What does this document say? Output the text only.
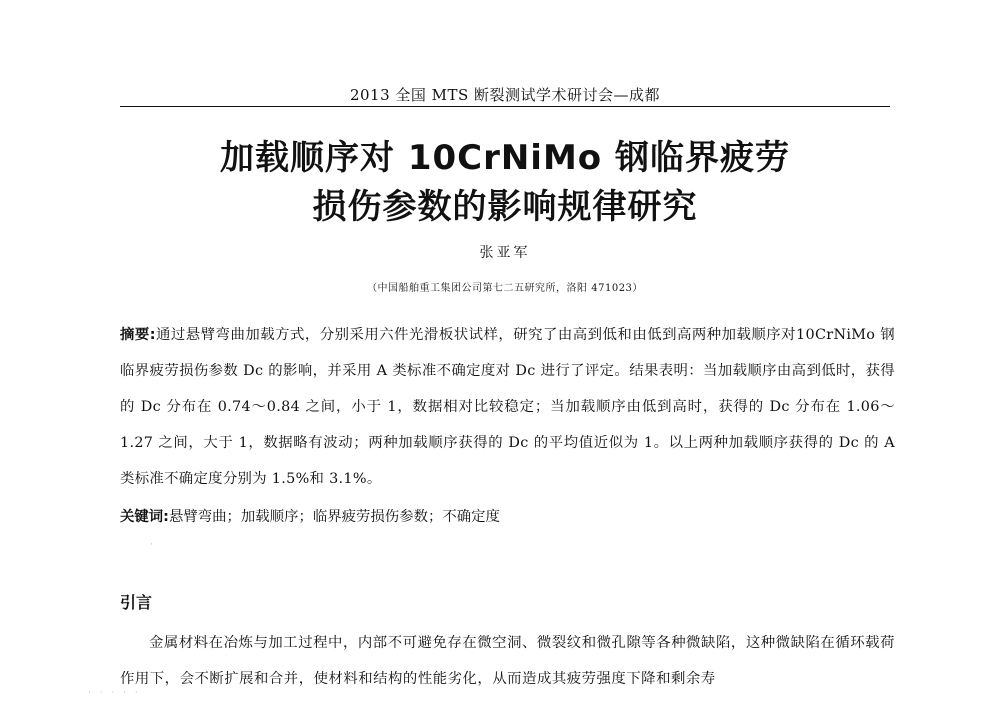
2013 全国 MTS 断裂测试学术研讨会—成都
加载顺序对 10CrNiMo 钢临界疲劳
损伤参数的影响规律研究
张亚军
（中国船舶重工集团公司第七二五研究所，洛阳 471023）
摘要:通过悬臂弯曲加载方式，分别采用六件光滑板状试样，研究了由高到低和由低到高两种加载顺序对10CrNiMo 钢临界疲劳损伤参数 Dc 的影响，并采用 A 类标准不确定度对 Dc 进行了评定。结果表明：当加载顺序由高到低时，获得的 Dc 分布在 0.74～0.84 之间，小于 1，数据相对比较稳定；当加载顺序由低到高时，获得的 Dc 分布在 1.06～1.27 之间，大于 1，数据略有波动；两种加载顺序获得的 Dc 的平均值近似为 1。以上两种加载顺序获得的 Dc 的 A 类标准不确定度分别为 1.5%和 3.1%。
关键词:悬臂弯曲；加载顺序；临界疲劳损伤参数；不确定度
引言
金属材料在冶炼与加工过程中，内部不可避免存在微空洞、微裂纹和微孔隙等各种微缺陷，这种微缺陷在循环载荷作用下，会不断扩展和合并，使材料和结构的性能劣化，从而造成其疲劳强度下降和剩余寿
·
· · · · ·
